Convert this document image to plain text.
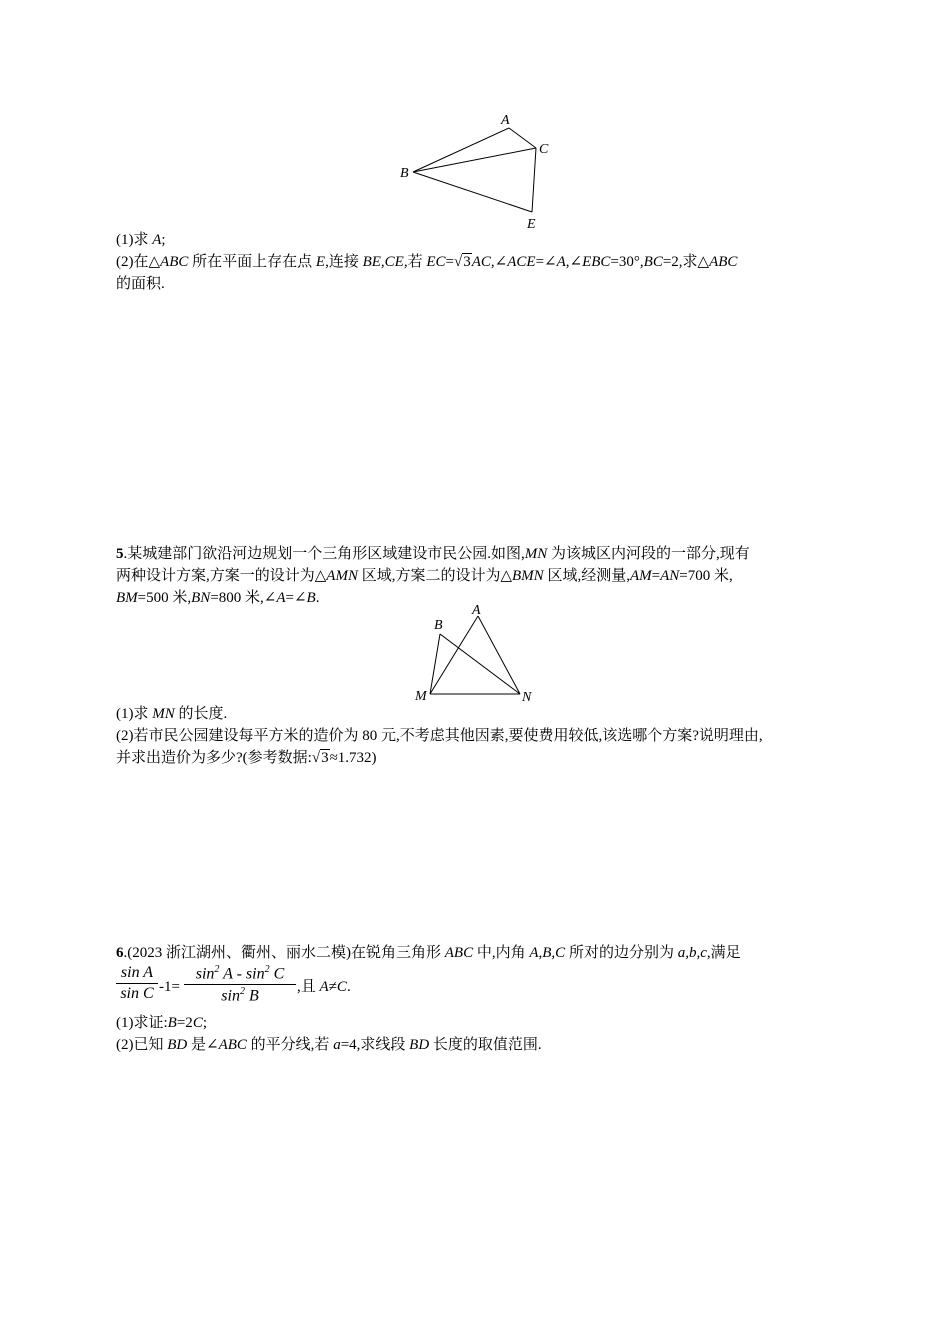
A
B
C
E
(1)求 A;
(2)在△ABC 所在平面上存在点 E,连接 BE,CE,若 EC=√3AC,∠ACE=∠A,∠EBC=30°,BC=2,求△ABC
的面积.
5.某城建部门欲沿河边规划一个三角形区域建设市民公园.如图,MN 为该城区内河段的一部分,现有
两种设计方案,方案一的设计为△AMN 区域,方案二的设计为△BMN 区域,经测量,AM=AN=700 米,
BM=500 米,BN=800 米,∠A=∠B.
A
B
M	N
(1)求 MN 的长度.
(2)若市民公园建设每平方米的造价为 80 元,不考虑其他因素,要使费用较低,该选哪个方案?说明理由,
并求出造价为多少?(参考数据:√3≈1.732)
6.(2023 浙江湖州、衢州、丽水二模)在锐角三角形 ABC 中,内角 A,B,C 所对的边分别为 a,b,c,满足
sin A
sin C -1=
$\sin^2 A - \sin^2 C$
$\sin^2 B$
,且 A≠C.
(1)求证:B=2C;
(2)已知 BD 是∠ABC 的平分线,若 a=4,求线段 BD 长度的取值范围.
